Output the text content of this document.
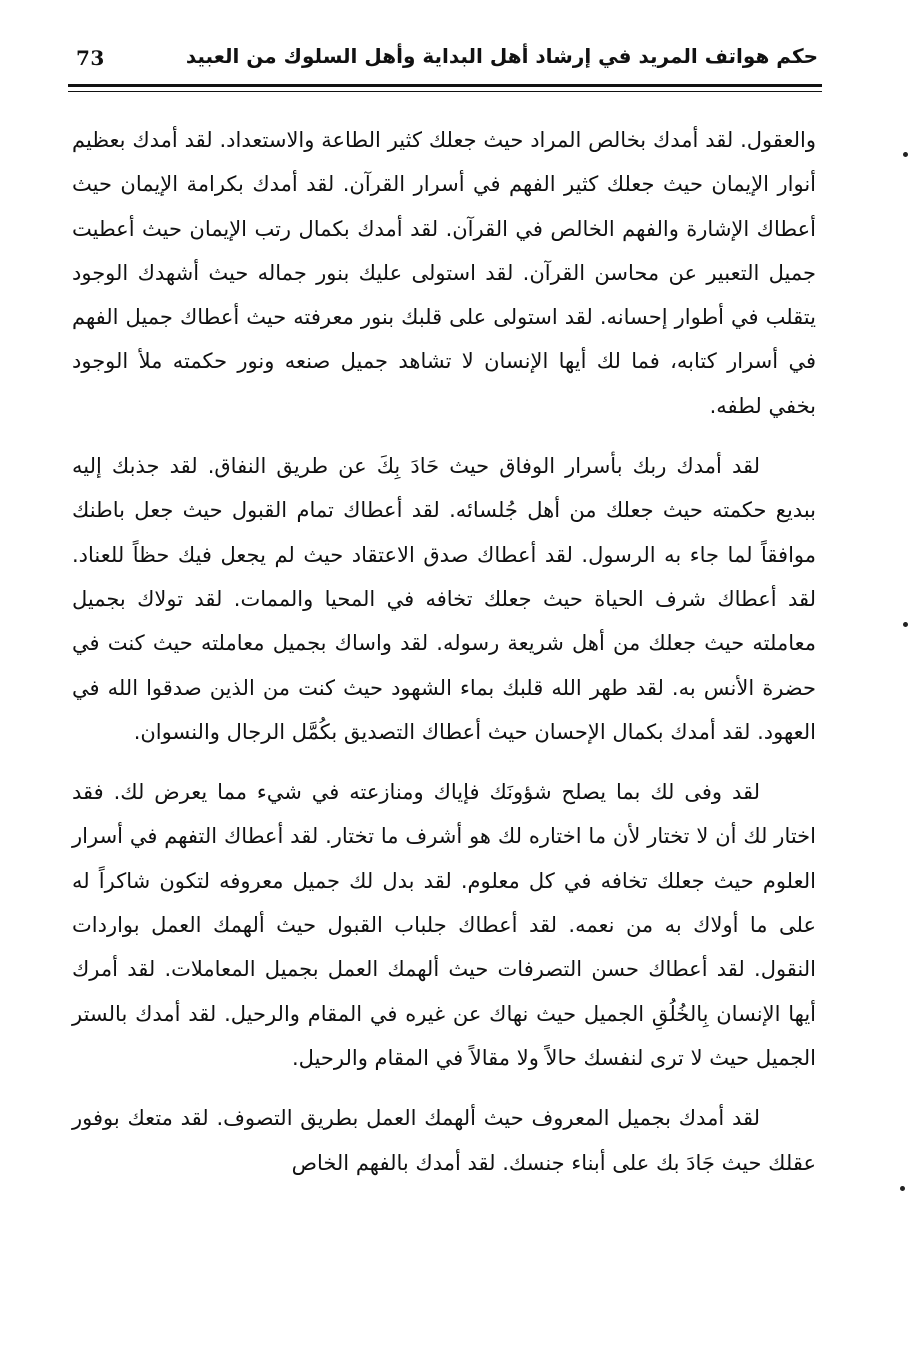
73	حكم هواتف المريد في إرشاد أهل البداية وأهل السلوك من العبيد

والعقول. لقد أمدك بخالص المراد حيث جعلك كثير الطاعة والاستعداد. لقد أمدك بعظيم أنوار الإيمان حيث جعلك كثير الفهم في أسرار القرآن. لقد أمدك بكرامة الإيمان حيث أعطاك الإشارة والفهم الخالص في القرآن. لقد أمدك بكمال رتب الإيمان حيث أعطيت جميل التعبير عن محاسن القرآن. لقد استولى عليك بنور جماله حيث أشهدك الوجود يتقلب في أطوار إحسانه. لقد استولى على قلبك بنور معرفته حيث أعطاك جميل الفهم في أسرار كتابه، فما لك أيها الإنسان لا تشاهد جميل صنعه ونور حكمته ملأ الوجود بخفي لطفه.

لقد أمدك ربك بأسرار الوفاق حيث حَادَ بِكَ عن طريق النفاق. لقد جذبك إليه ببديع حكمته حيث جعلك من أهل جُلسائه. لقد أعطاك تمام القبول حيث جعل باطنك موافقاً لما جاء به الرسول. لقد أعطاك صدق الاعتقاد حيث لم يجعل فيك حظاً للعناد. لقد أعطاك شرف الحياة حيث جعلك تخافه في المحيا والممات. لقد تولاك بجميل معاملته حيث جعلك من أهل شريعة رسوله. لقد واساك بجميل معاملته حيث كنت في حضرة الأنس به. لقد طهر الله قلبك بماء الشهود حيث كنت من الذين صدقوا الله في العهود. لقد أمدك بكمال الإحسان حيث أعطاك التصديق بكُمَّل الرجال والنسوان.

لقد وفى لك بما يصلح شؤونَك فإياك ومنازعته في شيء مما يعرض لك. فقد اختار لك أن لا تختار لأن ما اختاره لك هو أشرف ما تختار. لقد أعطاك التفهم في أسرار العلوم حيث جعلك تخافه في كل معلوم. لقد بدل لك جميل معروفه لتكون شاكراً له على ما أولاك به من نعمه. لقد أعطاك جلباب القبول حيث ألهمك العمل بواردات النقول. لقد أعطاك حسن التصرفات حيث ألهمك العمل بجميل المعاملات. لقد أمرك أيها الإنسان بِالخُلُقِ الجميل حيث نهاك عن غيره في المقام والرحيل. لقد أمدك بالستر الجميل حيث لا ترى لنفسك حالاً ولا مقالاً في المقام والرحيل.

لقد أمدك بجميل المعروف حيث ألهمك العمل بطريق التصوف. لقد متعك بوفور عقلك حيث جَادَ بك على أبناء جنسك. لقد أمدك بالفهم الخاص
